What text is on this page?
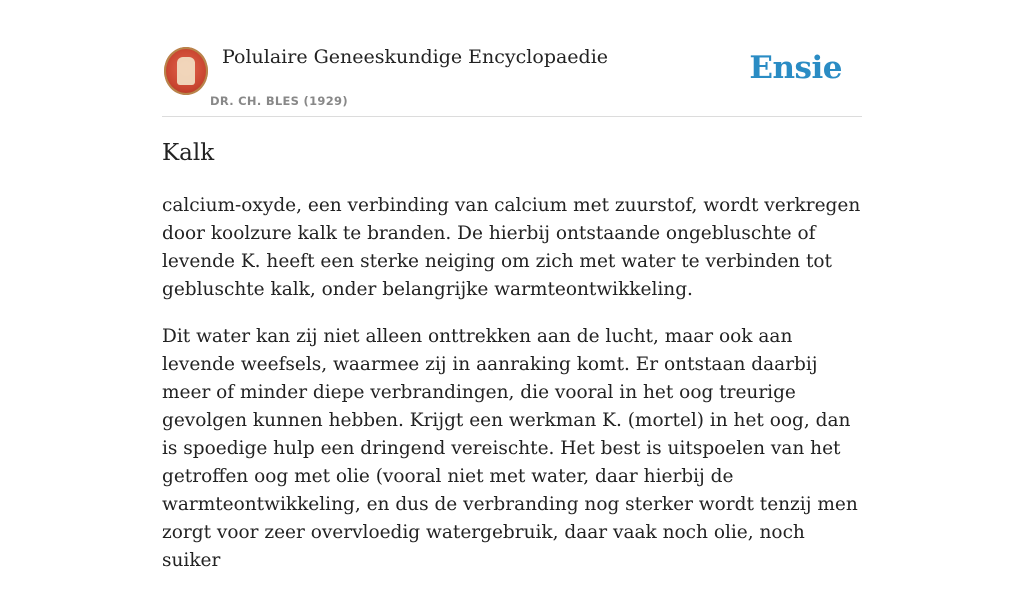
Polulaire Geneeskundige Encyclopaedie
DR. CH. BLES (1929)
Ensie
Kalk

calcium-oxyde, een verbinding van calcium met zuurstof, wordt verkregen door koolzure kalk te branden. De hierbij ontstaande ongebluschte of levende K. heeft een sterke neiging om zich met water te verbinden tot gebluschte kalk, onder belangrijke warmteontwikkeling.

Dit water kan zij niet alleen onttrekken aan de lucht, maar ook aan levende weefsels, waarmee zij in aanraking komt. Er ontstaan daarbij meer of minder diepe verbrandingen, die vooral in het oog treurige gevolgen kunnen hebben. Krijgt een werkman K. (mortel) in het oog, dan is spoedige hulp een dringend vereischte. Het best is uitspoelen van het getroffen oog met olie (vooral niet met water, daar hierbij de warmteontwikkeling, en dus de verbranding nog sterker wordt tenzij men zorgt voor zeer overvloedig watergebruik, daar vaak noch olie, noch suiker
